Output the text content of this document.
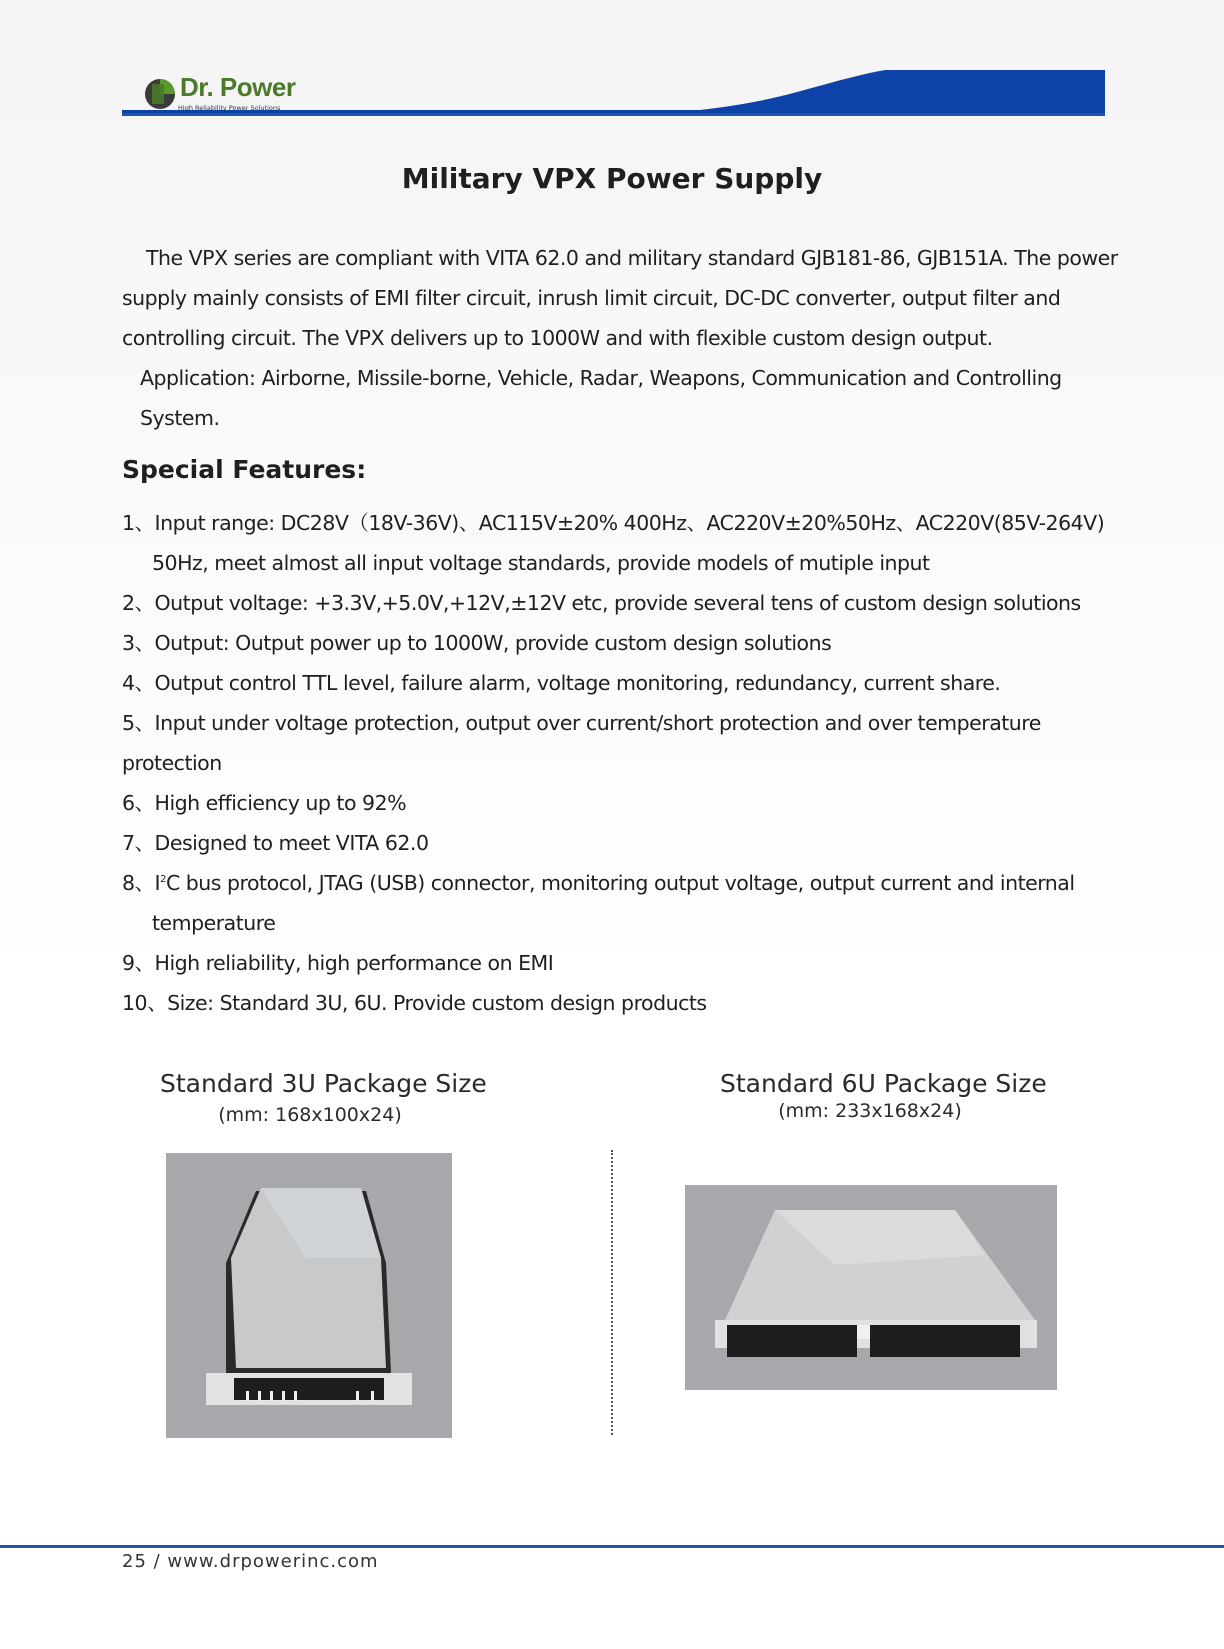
Dr. Power
High Reliability Power Solutions
Military VPX Power Supply

The VPX series are compliant with VITA 62.0 and military standard GJB181-86, GJB151A. The power supply mainly consists of EMI filter circuit, inrush limit circuit, DC-DC converter, output filter and controlling circuit. The VPX delivers up to 1000W and with flexible custom design output.

Application: Airborne, Missile-borne, Vehicle, Radar, Weapons, Communication and Controlling System.

Special Features:
1、Input range: DC28V（18V-36V)、AC115V±20% 400Hz、AC220V±20%50Hz、AC220V(85V-264V)
50Hz, meet almost all input voltage standards, provide models of mutiple input
2、Output voltage: +3.3V,+5.0V,+12V,±12V etc, provide several tens of custom design solutions
3、Output: Output power up to 1000W, provide custom design solutions
4、Output control TTL level, failure alarm, voltage monitoring, redundancy, current share.
5、Input under voltage protection, output over current/short protection and over temperature protection
6、High efficiency up to 92%
7、Designed to meet VITA 62.0
8、$I^2C$ bus protocol, JTAG (USB) connector, monitoring output voltage, output current and internal
temperature
9、High reliability, high performance on EMI
10、Size: Standard 3U, 6U. Provide custom design products
Standard 3U Package Size
(mm: 168x100x24)
Standard 6U Package Size
(mm: 233x168x24)
25 / www.drpowerinc.com
